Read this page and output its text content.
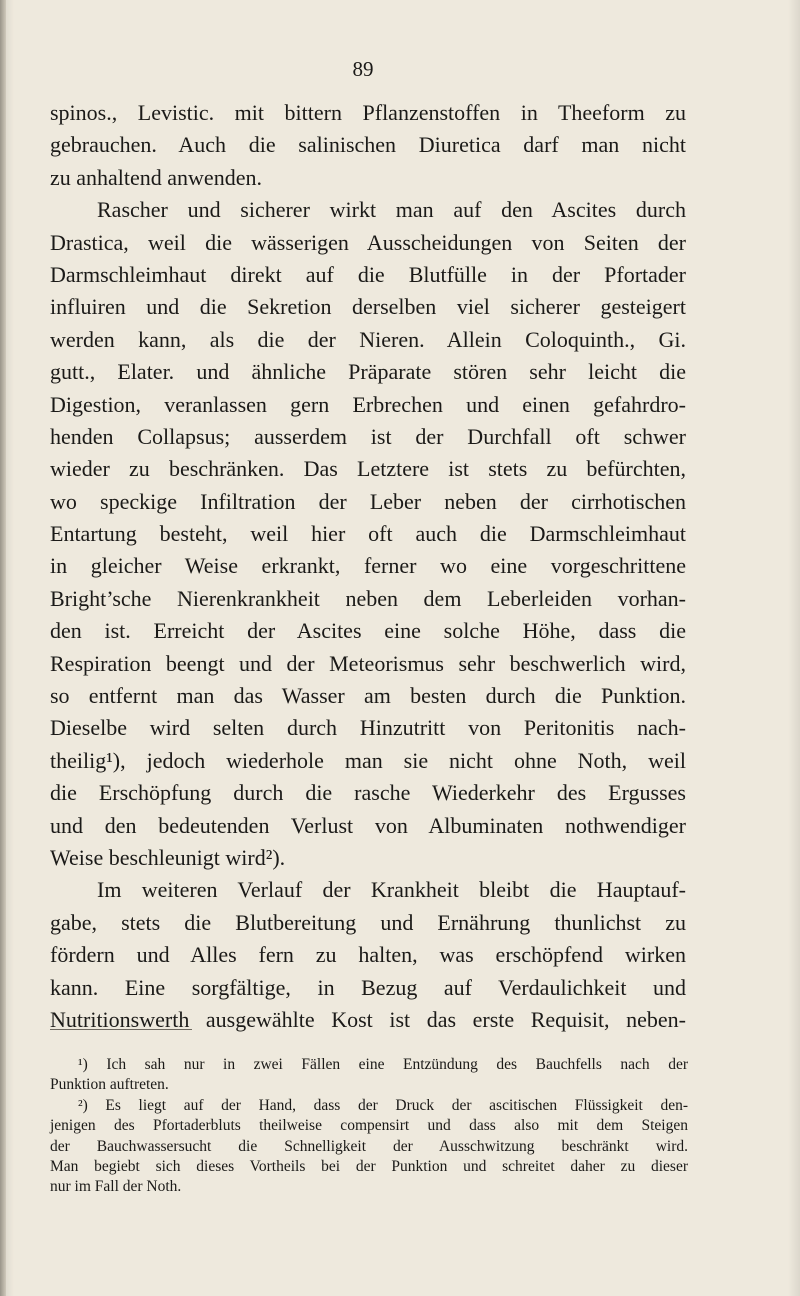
89
spinos., Levistic. mit bittern Pflanzenstoffen in Theeform zu
gebrauchen. Auch die salinischen Diuretica darf man nicht
zu anhaltend anwenden.
Rascher und sicherer wirkt man auf den Ascites durch
Drastica, weil die wässerigen Ausscheidungen von Seiten der
Darmschleimhaut direkt auf die Blutfülle in der Pfortader
influiren und die Sekretion derselben viel sicherer gesteigert
werden kann, als die der Nieren. Allein Coloquinth., Gi.
gutt., Elater. und ähnliche Präparate stören sehr leicht die
Digestion, veranlassen gern Erbrechen und einen gefahrdro-
henden Collapsus; ausserdem ist der Durchfall oft schwer
wieder zu beschränken. Das Letztere ist stets zu befürchten,
wo speckige Infiltration der Leber neben der cirrhotischen
Entartung besteht, weil hier oft auch die Darmschleimhaut
in gleicher Weise erkrankt, ferner wo eine vorgeschrittene
Bright’sche Nierenkrankheit neben dem Leberleiden vorhan-
den ist. Erreicht der Ascites eine solche Höhe, dass die
Respiration beengt und der Meteorismus sehr beschwerlich wird,
so entfernt man das Wasser am besten durch die Punktion.
Dieselbe wird selten durch Hinzutritt von Peritonitis nach-
theilig¹), jedoch wiederhole man sie nicht ohne Noth, weil
die Erschöpfung durch die rasche Wiederkehr des Ergusses
und den bedeutenden Verlust von Albuminaten nothwendiger
Weise beschleunigt wird²).
Im weiteren Verlauf der Krankheit bleibt die Hauptauf-
gabe, stets die Blutbereitung und Ernährung thunlichst zu
fördern und Alles fern zu halten, was erschöpfend wirken
kann. Eine sorgfältige, in Bezug auf Verdaulichkeit und
Nutritionswerth ausgewählte Kost ist das erste Requisit, neben-
¹) Ich sah nur in zwei Fällen eine Entzündung des Bauchfells nach der
Punktion auftreten.
²) Es liegt auf der Hand, dass der Druck der ascitischen Flüssigkeit den-
jenigen des Pfortaderbluts theilweise compensirt und dass also mit dem Steigen
der Bauchwassersucht die Schnelligkeit der Ausschwitzung beschränkt wird.
Man begiebt sich dieses Vortheils bei der Punktion und schreitet daher zu dieser
nur im Fall der Noth.
